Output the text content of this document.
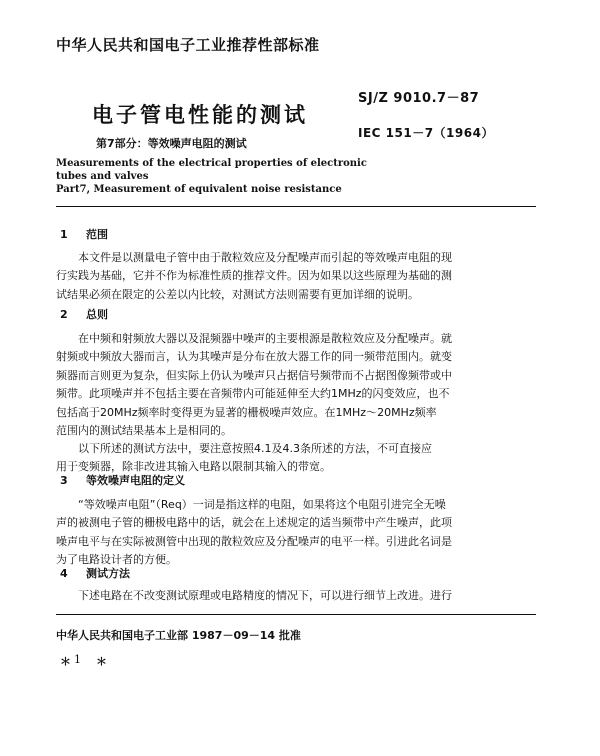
中华人民共和国电子工业推荐性部标准
SJ/Z 9010.7－87
电子管电性能的测试
IEC 151－7（1964）
第7部分：等效噪声电阻的测试
Measurements of the electrical properties of electronic
tubes and valves
Part7, Measurement of equivalent noise resistance
1 范围
本文件是以测量电子管中由于散粒效应及分配噪声而引起的等效噪声电阻的现
行实践为基础，它并不作为标准性质的推荐文件。因为如果以这些原理为基础的测
试结果必须在限定的公差以内比较，对测试方法则需要有更加详细的说明。
2 总则
在中频和射频放大器以及混频器中噪声的主要根源是散粒效应及分配噪声。就
射频或中频放大器而言，认为其噪声是分布在放大器工作的同一频带范围内。就变
频器而言则更为复杂，但实际上仍认为噪声只占据信号频带而不占据图像频带或中
频带。此项噪声并不包括主要在音频带内可能延伸至大约1MHz的闪变效应，也不
包括高于20MHz频率时变得更为显著的栅极噪声效应。在1MHz～20MHz频率
范围内的测试结果基本上是相同的。
以下所述的测试方法中，要注意按照4.1及4.3条所述的方法，不可直接应
用于变频器，除非改进其输入电路以限制其输入的带宽。
3 等效噪声电阻的定义
“等效噪声电阻”（Req）一词是指这样的电阻，如果将这个电阻引进完全无噪
声的被测电子管的栅极电路中的话，就会在上述规定的适当频带中产生噪声，此项
噪声电平与在实际被测管中出现的散粒效应及分配噪声的电平一样。引进此名词是
为了电路设计者的方便。
4 测试方法
下述电路在不改变测试原理或电路精度的情况下，可以进行细节上改进。进行
中华人民共和国电子工业部 1987－09－14 批准
＊ 1 ＊
